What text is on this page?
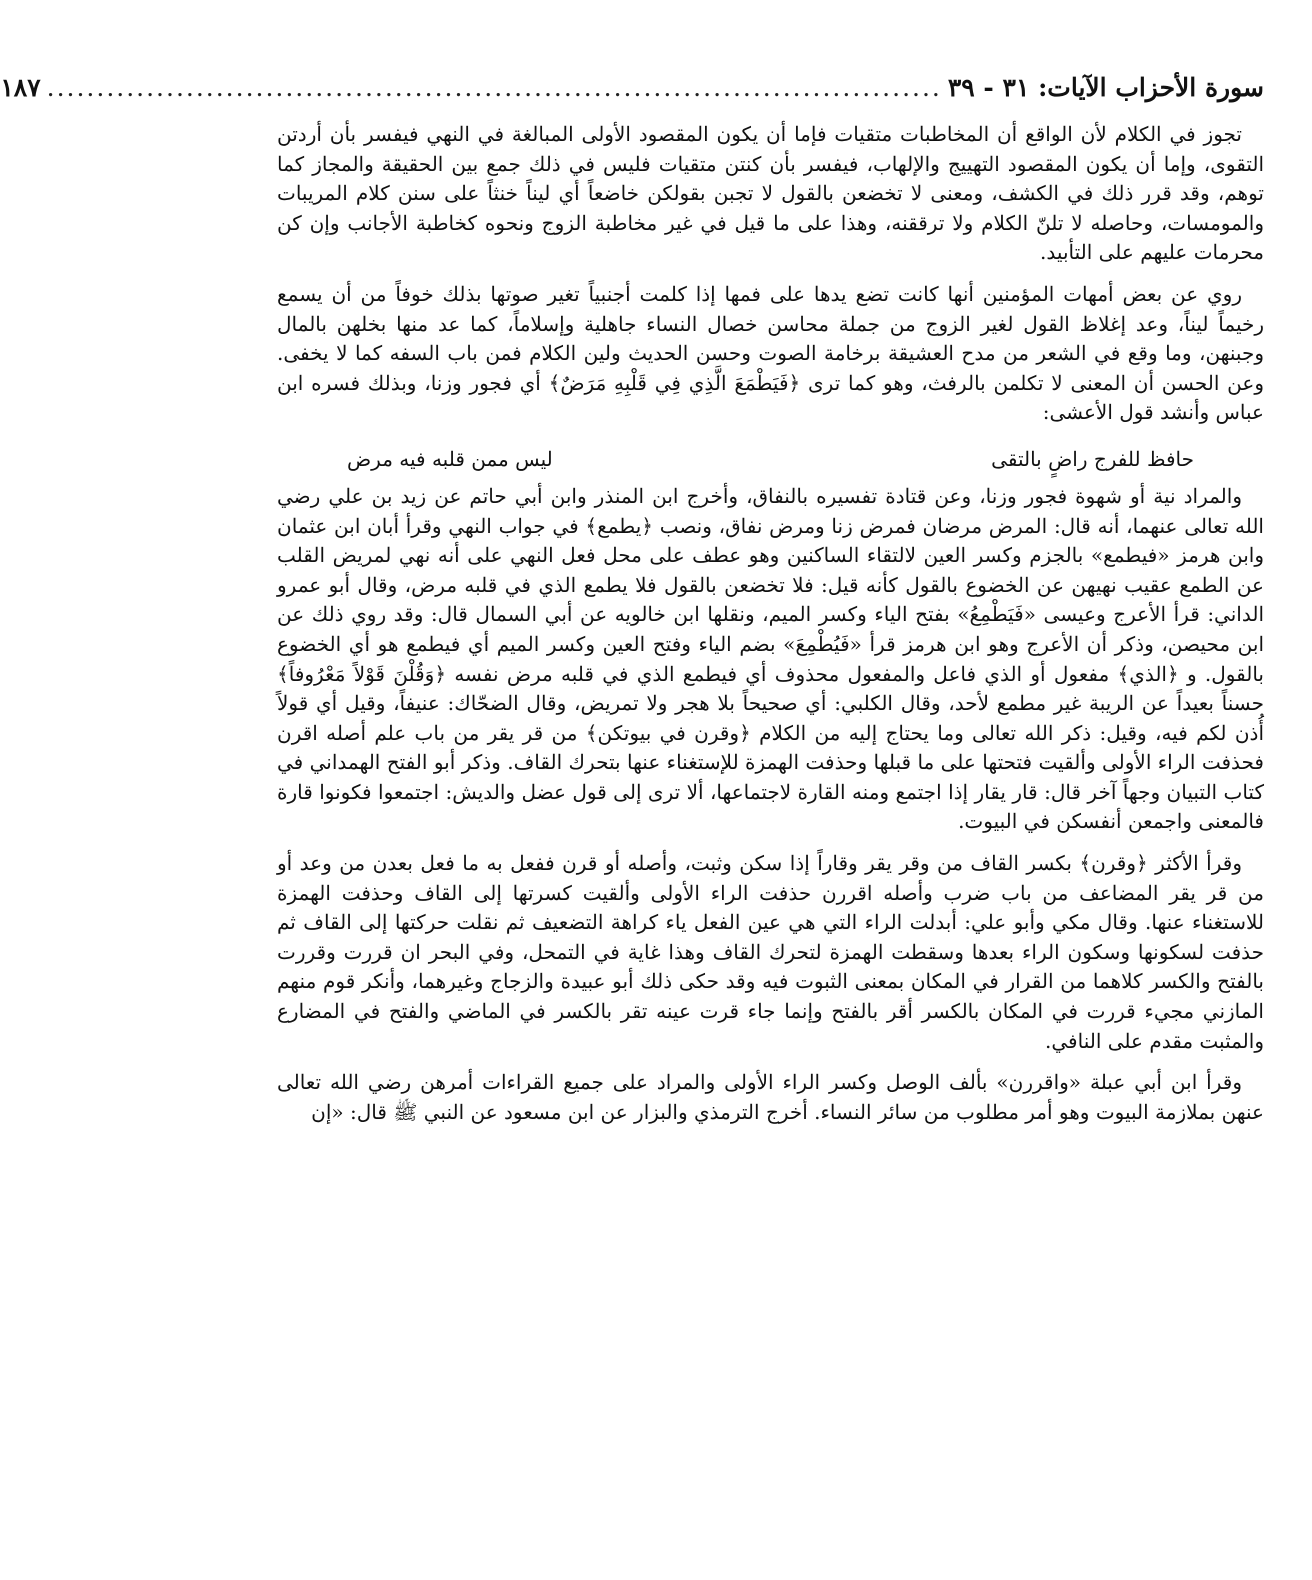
سورة الأحزاب الآيات: ٣١ - ٣٩
..........................................................................................
١٨٧

تجوز في الكلام لأن الواقع أن المخاطبات متقيات فإما أن يكون المقصود الأولى المبالغة في النهي فيفسر بأن أردتن التقوى، وإما أن يكون المقصود التهييج والإلهاب، فيفسر بأن كنتن متقيات فليس في ذلك جمع بين الحقيقة والمجاز كما توهم، وقد قرر ذلك في الكشف، ومعنى لا تخضعن بالقول لا تجبن بقولكن خاضعاً أي ليناً خنثاً على سنن كلام المريبات والمومسات، وحاصله لا تلنّ الكلام ولا ترققنه، وهذا على ما قيل في غير مخاطبة الزوج ونحوه كخاطبة الأجانب وإن كن محرمات عليهم على التأبيد.

روي عن بعض أمهات المؤمنين أنها كانت تضع يدها على فمها إذا كلمت أجنبياً تغير صوتها بذلك خوفاً من أن يسمع رخيماً ليناً، وعد إغلاظ القول لغير الزوج من جملة محاسن خصال النساء جاهلية وإسلاماً، كما عد منها بخلهن بالمال وجبنهن، وما وقع في الشعر من مدح العشيقة برخامة الصوت وحسن الحديث ولين الكلام فمن باب السفه كما لا يخفى. وعن الحسن أن المعنى لا تكلمن بالرفث، وهو كما ترى ﴿فَيَطْمَعَ الَّذِي فِي قَلْبِهِ مَرَضٌ﴾ أي فجور وزنا، وبذلك فسره ابن عباس وأنشد قول الأعشى:

حافظ للفرج راضٍ بالتقى
ليس ممن قلبه فيه مرض

والمراد نية أو شهوة فجور وزنا، وعن قتادة تفسيره بالنفاق، وأخرج ابن المنذر وابن أبي حاتم عن زيد بن علي رضي الله تعالى عنهما، أنه قال: المرض مرضان فمرض زنا ومرض نفاق، ونصب ﴿يطمع﴾ في جواب النهي وقرأ أبان ابن عثمان وابن هرمز «فيطمع» بالجزم وكسر العين لالتقاء الساكنين وهو عطف على محل فعل النهي على أنه نهي لمريض القلب عن الطمع عقيب نهيهن عن الخضوع بالقول كأنه قيل: فلا تخضعن بالقول فلا يطمع الذي في قلبه مرض، وقال أبو عمرو الداني: قرأ الأعرج وعيسى «فَيَطْمِعُ» بفتح الياء وكسر الميم، ونقلها ابن خالويه عن أبي السمال قال: وقد روي ذلك عن ابن محيصن، وذكر أن الأعرج وهو ابن هرمز قرأ «فَيُطْمِعَ» بضم الياء وفتح العين وكسر الميم أي فيطمع هو أي الخضوع بالقول. و ﴿الذي﴾ مفعول أو الذي فاعل والمفعول محذوف أي فيطمع الذي في قلبه مرض نفسه ﴿وَقُلْنَ قَوْلاً مَعْرُوفاً﴾ حسناً بعيداً عن الريبة غير مطمع لأحد، وقال الكلبي: أي صحيحاً بلا هجر ولا تمريض، وقال الضحّاك: عنيفاً، وقيل أي قولاً أُذن لكم فيه، وقيل: ذكر الله تعالى وما يحتاج إليه من الكلام ﴿وقرن في بيوتكن﴾ من قر يقر من باب علم أصله اقرن فحذفت الراء الأولى وألقيت فتحتها على ما قبلها وحذفت الهمزة للإستغناء عنها بتحرك القاف. وذكر أبو الفتح الهمداني في كتاب التبيان وجهاً آخر قال: قار يقار إذا اجتمع ومنه القارة لاجتماعها، ألا ترى إلى قول عضل والديش: اجتمعوا فكونوا قارة فالمعنى واجمعن أنفسكن في البيوت.

وقرأ الأكثر ﴿وقرن﴾ بكسر القاف من وقر يقر وقاراً إذا سكن وثبت، وأصله أو قرن ففعل به ما فعل بعدن من وعد أو من قر يقر المضاعف من باب ضرب وأصله اقررن حذفت الراء الأولى وألقيت كسرتها إلى القاف وحذفت الهمزة للاستغناء عنها. وقال مكي وأبو علي: أبدلت الراء التي هي عين الفعل ياء كراهة التضعيف ثم نقلت حركتها إلى القاف ثم حذفت لسكونها وسكون الراء بعدها وسقطت الهمزة لتحرك القاف وهذا غاية في التمحل، وفي البحر ان قررت وقررت بالفتح والكسر كلاهما من القرار في المكان بمعنى الثبوت فيه وقد حكى ذلك أبو عبيدة والزجاج وغيرهما، وأنكر قوم منهم المازني مجيء قررت في المكان بالكسر أقر بالفتح وإنما جاء قرت عينه تقر بالكسر في الماضي والفتح في المضارع والمثبت مقدم على النافي.

وقرأ ابن أبي عبلة «واقررن» بألف الوصل وكسر الراء الأولى والمراد على جميع القراءات أمرهن رضي الله تعالى عنهن بملازمة البيوت وهو أمر مطلوب من سائر النساء. أخرج الترمذي والبزار عن ابن مسعود عن النبي ﷺ قال: «إن
